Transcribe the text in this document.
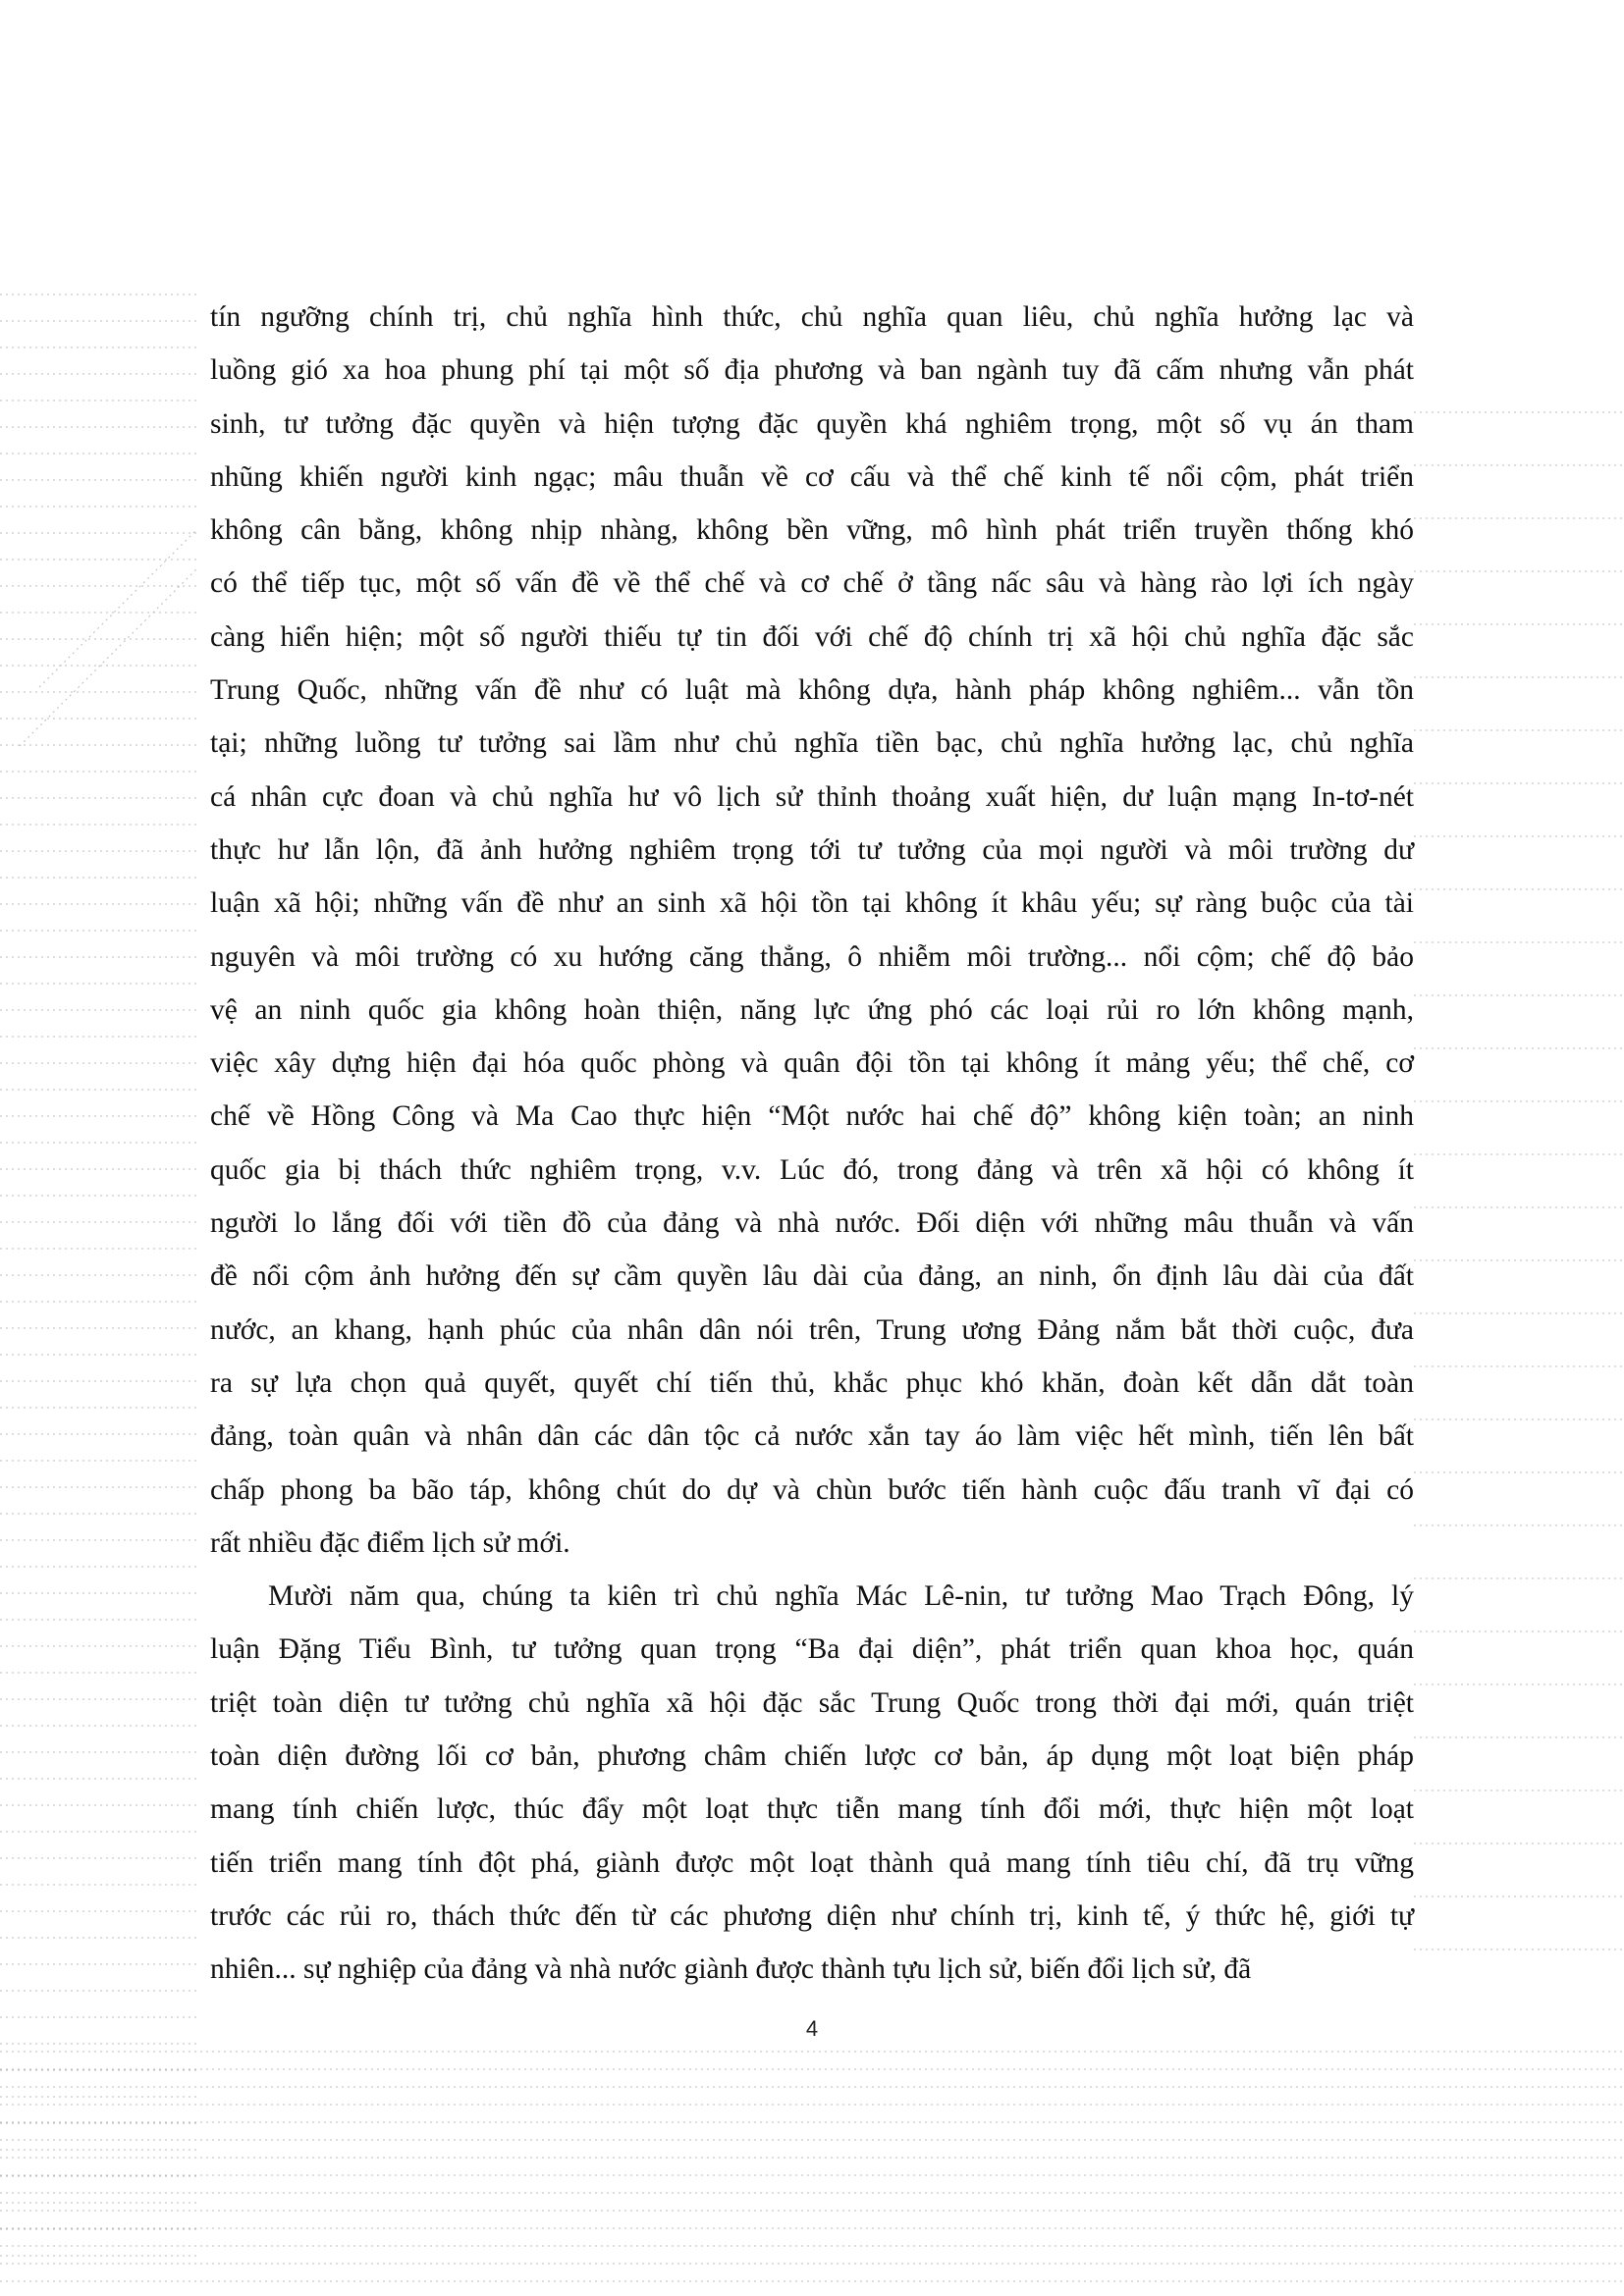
tín ngưỡng chính trị, chủ nghĩa hình thức, chủ nghĩa quan liêu, chủ nghĩa hưởng lạc và
luồng gió xa hoa phung phí tại một số địa phương và ban ngành tuy đã cấm nhưng vẫn phát
sinh, tư tưởng đặc quyền và hiện tượng đặc quyền khá nghiêm trọng, một số vụ án tham
nhũng khiến người kinh ngạc; mâu thuẫn về cơ cấu và thể chế kinh tế nổi cộm, phát triển
không cân bằng, không nhịp nhàng, không bền vững, mô hình phát triển truyền thống khó
có thể tiếp tục, một số vấn đề về thể chế và cơ chế ở tầng nấc sâu và hàng rào lợi ích ngày
càng hiển hiện; một số người thiếu tự tin đối với chế độ chính trị xã hội chủ nghĩa đặc sắc
Trung Quốc, những vấn đề như có luật mà không dựa, hành pháp không nghiêm... vẫn tồn
tại; những luồng tư tưởng sai lầm như chủ nghĩa tiền bạc, chủ nghĩa hưởng lạc, chủ nghĩa
cá nhân cực đoan và chủ nghĩa hư vô lịch sử thỉnh thoảng xuất hiện, dư luận mạng In-tơ-nét
thực hư lẫn lộn, đã ảnh hưởng nghiêm trọng tới tư tưởng của mọi người và môi trường dư
luận xã hội; những vấn đề như an sinh xã hội tồn tại không ít khâu yếu; sự ràng buộc của tài
nguyên và môi trường có xu hướng căng thẳng, ô nhiễm môi trường... nổi cộm; chế độ bảo
vệ an ninh quốc gia không hoàn thiện, năng lực ứng phó các loại rủi ro lớn không mạnh,
việc xây dựng hiện đại hóa quốc phòng và quân đội tồn tại không ít mảng yếu; thể chế, cơ
chế về Hồng Công và Ma Cao thực hiện “Một nước hai chế độ” không kiện toàn; an ninh
quốc gia bị thách thức nghiêm trọng, v.v. Lúc đó, trong đảng và trên xã hội có không ít
người lo lắng đối với tiền đồ của đảng và nhà nước. Đối diện với những mâu thuẫn và vấn
đề nổi cộm ảnh hưởng đến sự cầm quyền lâu dài của đảng, an ninh, ổn định lâu dài của đất
nước, an khang, hạnh phúc của nhân dân nói trên, Trung ương Đảng nắm bắt thời cuộc, đưa
ra sự lựa chọn quả quyết, quyết chí tiến thủ, khắc phục khó khăn, đoàn kết dẫn dắt toàn
đảng, toàn quân và nhân dân các dân tộc cả nước xắn tay áo làm việc hết mình, tiến lên bất
chấp phong ba bão táp, không chút do dự và chùn bước tiến hành cuộc đấu tranh vĩ đại có
rất nhiều đặc điểm lịch sử mới.
Mười năm qua, chúng ta kiên trì chủ nghĩa Mác Lê-nin, tư tưởng Mao Trạch Đông, lý
luận Đặng Tiểu Bình, tư tưởng quan trọng “Ba đại diện”, phát triển quan khoa học, quán
triệt toàn diện tư tưởng chủ nghĩa xã hội đặc sắc Trung Quốc trong thời đại mới, quán triệt
toàn diện đường lối cơ bản, phương châm chiến lược cơ bản, áp dụng một loạt biện pháp
mang tính chiến lược, thúc đẩy một loạt thực tiễn mang tính đổi mới, thực hiện một loạt
tiến triển mang tính đột phá, giành được một loạt thành quả mang tính tiêu chí, đã trụ vững
trước các rủi ro, thách thức đến từ các phương diện như chính trị, kinh tế, ý thức hệ, giới tự
nhiên... sự nghiệp của đảng và nhà nước giành được thành tựu lịch sử, biến đổi lịch sử, đã
4
